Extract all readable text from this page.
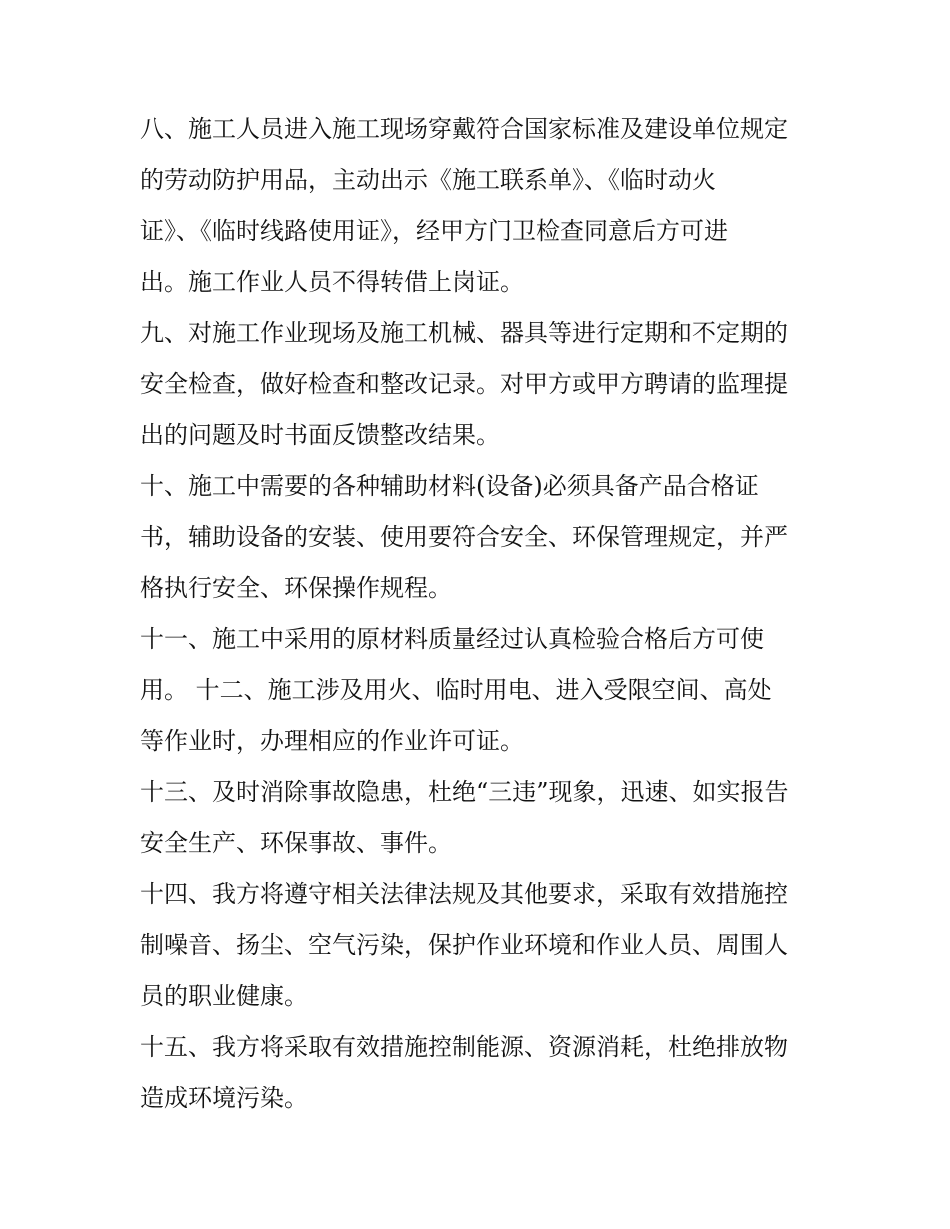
八、施工人员进入施工现场穿戴符合国家标准及建设单位规定
的劳动防护用品，主动出示《施工联系单》、《临时动火
证》、《临时线路使用证》，经甲方门卫检查同意后方可进
出。施工作业人员不得转借上岗证。
九、对施工作业现场及施工机械、器具等进行定期和不定期的
安全检查，做好检查和整改记录。对甲方或甲方聘请的监理提
出的问题及时书面反馈整改结果。
十、施工中需要的各种辅助材料(设备)必须具备产品合格证
书，辅助设备的安装、使用要符合安全、环保管理规定，并严
格执行安全、环保操作规程。
十一、施工中采用的原材料质量经过认真检验合格后方可使
用。 十二、施工涉及用火、临时用电、进入受限空间、高处
等作业时，办理相应的作业许可证。
十三、及时消除事故隐患，杜绝“三违”现象，迅速、如实报告
安全生产、环保事故、事件。
十四、我方将遵守相关法律法规及其他要求，采取有效措施控
制噪音、扬尘、空气污染，保护作业环境和作业人员、周围人
员的职业健康。
十五、我方将采取有效措施控制能源、资源消耗，杜绝排放物
造成环境污染。
